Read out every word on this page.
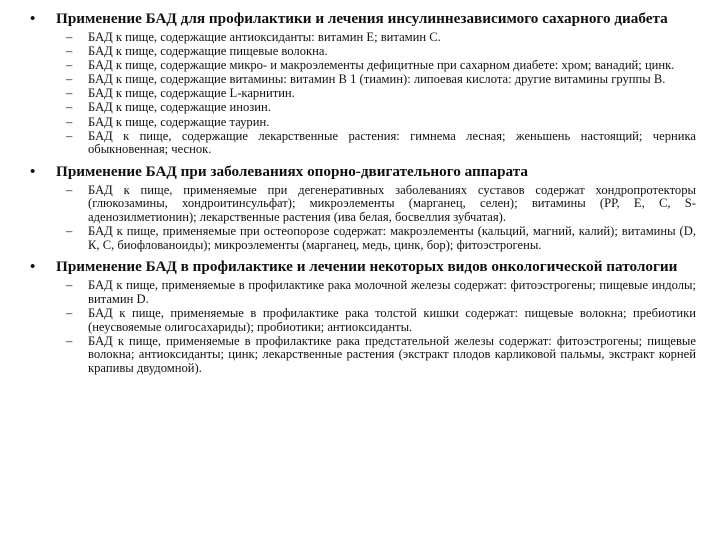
• Применение БАД для профилактики и лечения инсулиннезависимого сахарного диабета
– БАД к пище, содержащие антиоксиданты: витамин Е; витамин С.
– БАД к пище, содержащие пищевые волокна.
– БАД к пище, содержащие микро- и макроэлементы дефицитные при сахарном диабете: хром; ванадий; цинк.
– БАД к пище, содержащие витамины: витамин В 1 (тиамин): липоевая кислота: другие витамины группы В.
– БАД к пище, содержащие L-карнитин.
– БАД к пище, содержащие инозин.
– БАД к пище, содержащие таурин.
– БАД к пище, содержащие лекарственные растения: гимнема лесная; женьшень настоящий; черника обыкновенная; чеснок.
• Применение БАД при заболеваниях опорно-двигательного аппарата
– БАД к пище, применяемые при дегенеративных заболеваниях суставов содержат хондропротекторы (глюкозамины, хондроитинсульфат); микроэлементы (марганец, селен); витамины (РР, Е, С, S-аденозилметионин); лекарственные растения (ива белая, босвеллия зубчатая).
– БАД к пище, применяемые при остеопорозе содержат: макроэлементы (кальций, магний, калий); витамины (D, К, С, биофлованоиды); микроэлементы (марганец, медь, цинк, бор); фитоэстрогены.
• Применение БАД в профилактике и лечении некоторых видов онкологической патологии
– БАД к пище, применяемые в профилактике рака молочной железы содержат: фитоэстрогены; пищевые индолы; витамин D.
– БАД к пище, применяемые в профилактике рака толстой кишки содержат: пищевые волокна; пребиотики (неусвояемые олигосахариды); пробиотики; антиоксиданты.
– БАД к пище, применяемые в профилактике рака предстательной железы содержат: фитоэстрогены; пищевые волокна; антиоксиданты; цинк; лекарственные растения (экстракт плодов карликовой пальмы, экстракт корней крапивы двудомной).
